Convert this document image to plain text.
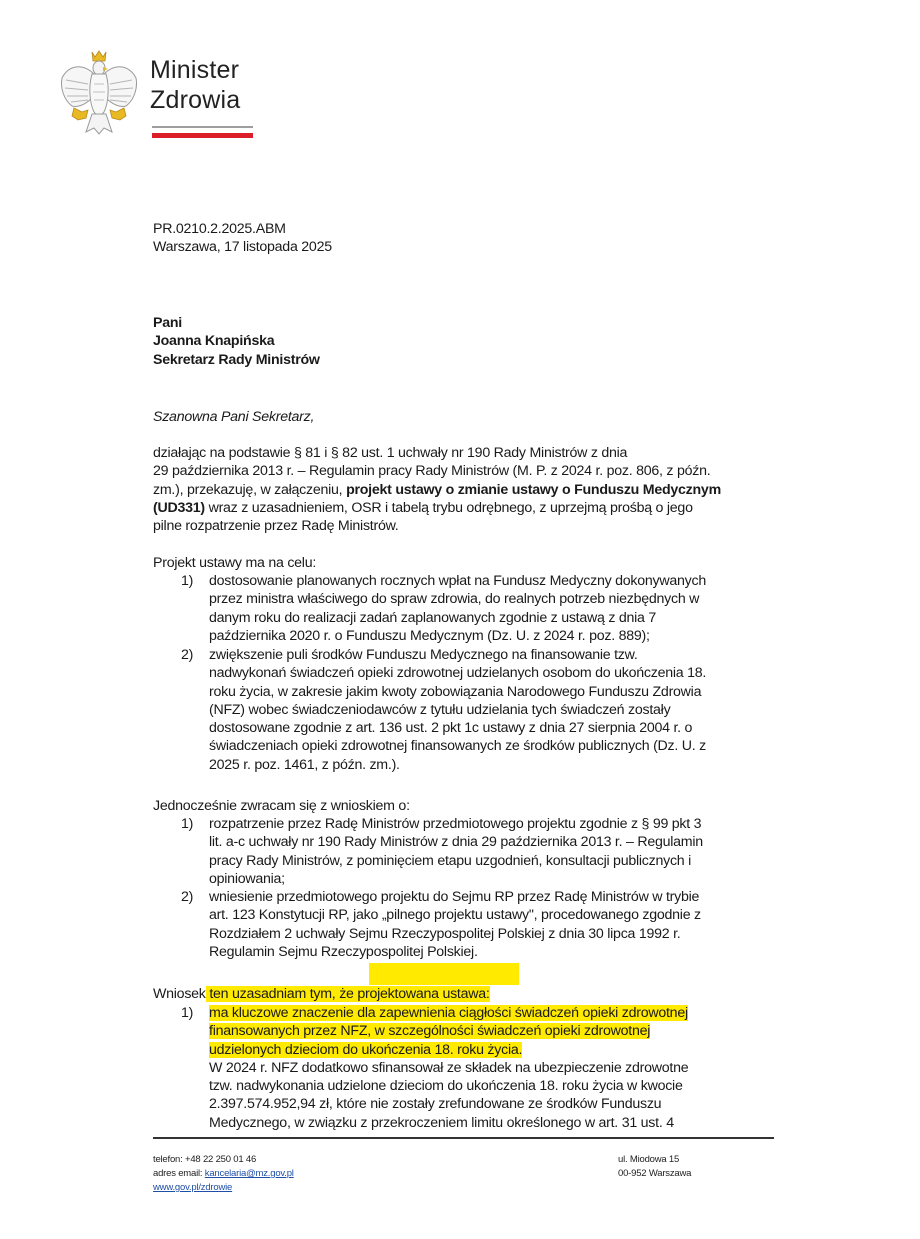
Minister
Zdrowia
PR.0210.2.2025.ABM
Warszawa, 17 listopada 2025
Pani
Joanna Knapińska
Sekretarz Rady Ministrów
Szanowna Pani Sekretarz,
działając na podstawie § 81 i § 82 ust. 1 uchwały nr 190 Rady Ministrów z dnia
29 października 2013 r. – Regulamin pracy Rady Ministrów (M. P. z 2024 r. poz. 806, z późn.
zm.), przekazuję, w załączeniu, projekt ustawy o zmianie ustawy o Funduszu Medycznym
(UD331) wraz z uzasadnieniem, OSR i tabelą trybu odrębnego, z uprzejmą prośbą o jego
pilne rozpatrzenie przez Radę Ministrów.
Projekt ustawy ma na celu:
1) dostosowanie planowanych rocznych wpłat na Fundusz Medyczny dokonywanych
przez ministra właściwego do spraw zdrowia, do realnych potrzeb niezbędnych w
danym roku do realizacji zadań zaplanowanych zgodnie z ustawą z dnia 7
października 2020 r. o Funduszu Medycznym (Dz. U. z 2024 r. poz. 889);
2) zwiększenie puli środków Funduszu Medycznego na finansowanie tzw.
nadwykonań świadczeń opieki zdrowotnej udzielanych osobom do ukończenia 18.
roku życia, w zakresie jakim kwoty zobowiązania Narodowego Funduszu Zdrowia
(NFZ) wobec świadczeniodawców z tytułu udzielania tych świadczeń zostały
dostosowane zgodnie z art. 136 ust. 2 pkt 1c ustawy z dnia 27 sierpnia 2004 r. o
świadczeniach opieki zdrowotnej finansowanych ze środków publicznych (Dz. U. z
2025 r. poz. 1461, z późn. zm.).
Jednocześnie zwracam się z wnioskiem o:
1) rozpatrzenie przez Radę Ministrów przedmiotowego projektu zgodnie z § 99 pkt 3
lit. a-c uchwały nr 190 Rady Ministrów z dnia 29 października 2013 r. – Regulamin
pracy Rady Ministrów, z pominięciem etapu uzgodnień, konsultacji publicznych i
opiniowania;
2) wniesienie przedmiotowego projektu do Sejmu RP przez Radę Ministrów w trybie
art. 123 Konstytucji RP, jako „pilnego projektu ustawy", procedowanego zgodnie z
Rozdziałem 2 uchwały Sejmu Rzeczypospolitej Polskiej z dnia 30 lipca 1992 r.
Regulamin Sejmu Rzeczypospolitej Polskiej.
Wniosek ten uzasadniam tym, że projektowana ustawa:
1) ma kluczowe znaczenie dla zapewnienia ciągłości świadczeń opieki zdrowotnej
finansowanych przez NFZ, w szczególności świadczeń opieki zdrowotnej
udzielonych dzieciom do ukończenia 18. roku życia.
W 2024 r. NFZ dodatkowo sfinansował ze składek na ubezpieczenie zdrowotne
tzw. nadwykonania udzielone dzieciom do ukończenia 18. roku życia w kwocie
2.397.574.952,94 zł, które nie zostały zrefundowane ze środków Funduszu
Medycznego, w związku z przekroczeniem limitu określonego w art. 31 ust. 4
telefon: +48 22 250 01 46
adres email: kancelaria@mz.gov.pl
www.gov.pl/zdrowie
ul. Miodowa 15
00-952 Warszawa
